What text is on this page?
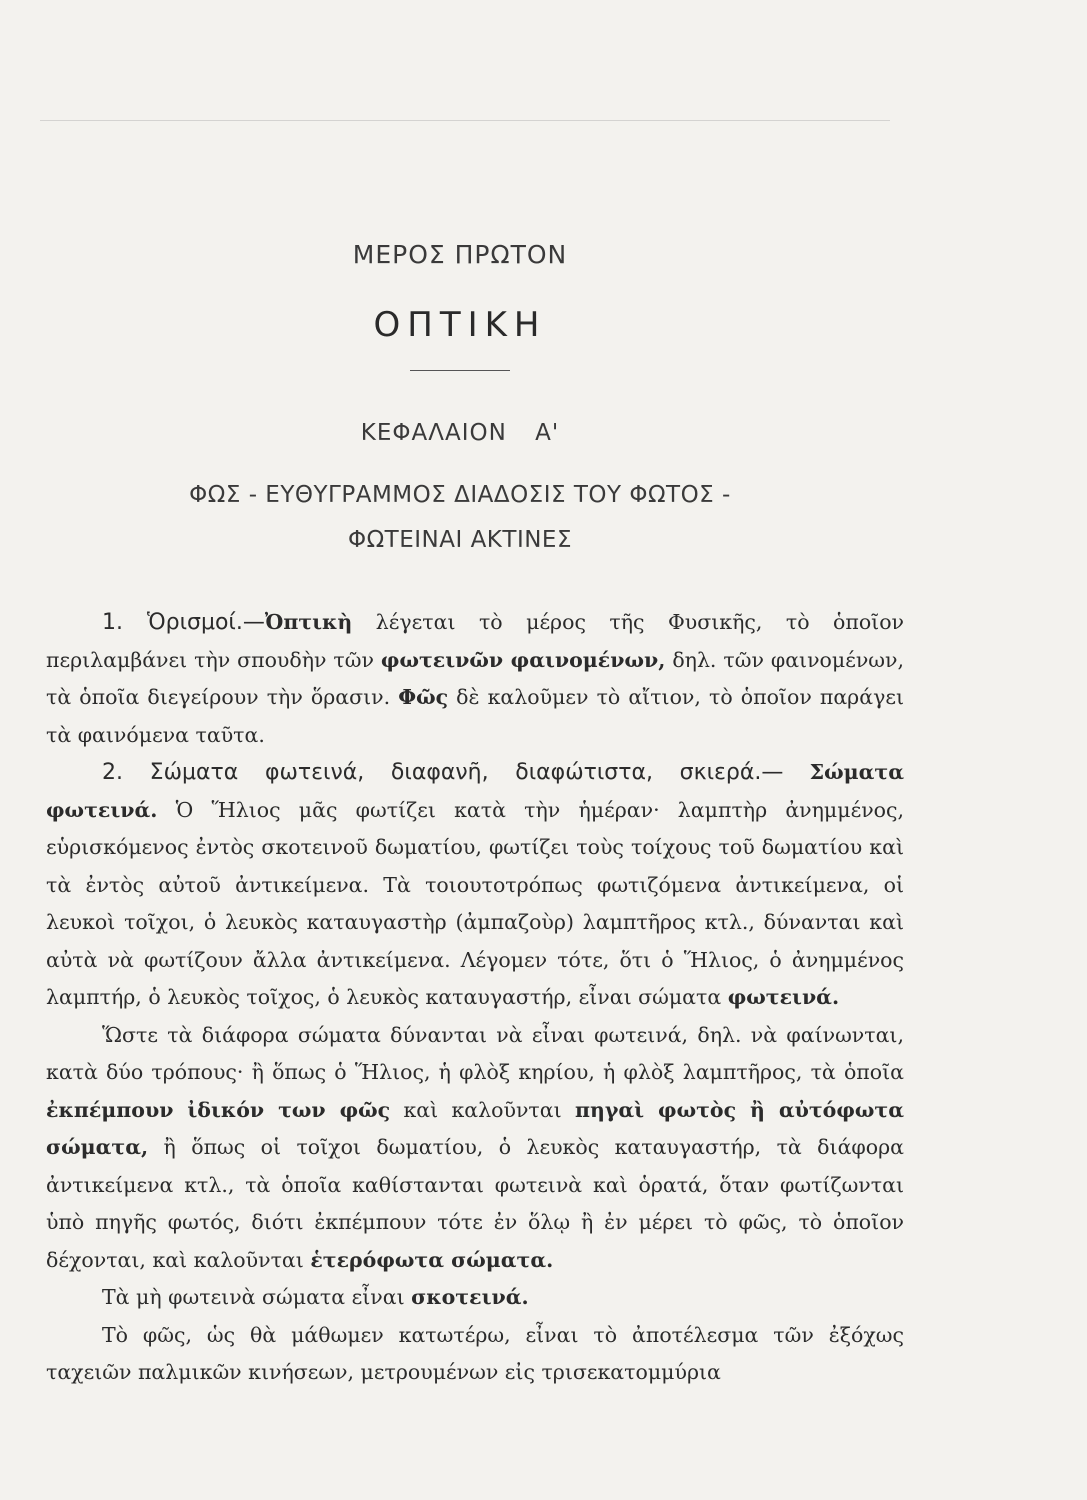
ΜΕΡΟΣ ΠΡΩΤΟΝ
ΟΠΤΙΚΗ
ΚΕΦΑΛΑΙΟΝ Α'
ΦΩΣ - ΕΥΘΥΓΡΑΜΜΟΣ ΔΙΑΔΟΣΙΣ ΤΟΥ ΦΩΤΟΣ -
ΦΩΤΕΙΝΑΙ ΑΚΤΙΝΕΣ

1. Ὁρισμοί.—Ὀπτικὴ λέγεται τὸ μέρος τῆς Φυσικῆς, τὸ ὁποῖον περιλαμβάνει τὴν σπουδὴν τῶν φωτεινῶν φαινομένων, δηλ. τῶν φαινομένων, τὰ ὁποῖα διεγείρουν τὴν ὅρασιν. Φῶς δὲ καλοῦμεν τὸ αἴτιον, τὸ ὁποῖον παράγει τὰ φαινόμενα ταῦτα.

2. Σώματα φωτεινά, διαφανῆ, διαφώτιστα, σκιερά.— Σώματα φωτεινά. Ὁ Ἥλιος μᾶς φωτίζει κατὰ τὴν ἡμέραν· λαμπτὴρ ἀνημμένος, εὑρισκόμενος ἐντὸς σκοτεινοῦ δωματίου, φωτίζει τοὺς τοίχους τοῦ δωματίου καὶ τὰ ἐντὸς αὐτοῦ ἀντικείμενα. Τὰ τοιουτοτρόπως φωτιζόμενα ἀντικείμενα, οἱ λευκοὶ τοῖχοι, ὁ λευκὸς καταυγαστὴρ (ἀμπαζοὺρ) λαμπτῆρος κτλ., δύνανται καὶ αὐτὰ νὰ φωτίζουν ἄλλα ἀντικείμενα. Λέγομεν τότε, ὅτι ὁ Ἥλιος, ὁ ἀνημμένος λαμπτήρ, ὁ λευκὸς τοῖχος, ὁ λευκὸς καταυγαστήρ, εἶναι σώματα φωτεινά.

Ὥστε τὰ διάφορα σώματα δύνανται νὰ εἶναι φωτεινά, δηλ. νὰ φαίνωνται, κατὰ δύο τρόπους· ἢ ὅπως ὁ Ἥλιος, ἡ φλὸξ κηρίου, ἡ φλὸξ λαμπτῆρος, τὰ ὁποῖα ἐκπέμπουν ἰδικόν των φῶς καὶ καλοῦνται πηγαὶ φωτὸς ἢ αὐτόφωτα σώματα, ἢ ὅπως οἱ τοῖχοι δωματίου, ὁ λευκὸς καταυγαστήρ, τὰ διάφορα ἀντικείμενα κτλ., τὰ ὁποῖα καθίστανται φωτεινὰ καὶ ὁρατά, ὅταν φωτίζωνται ὑπὸ πηγῆς φωτός, διότι ἐκπέμπουν τότε ἐν ὅλῳ ἢ ἐν μέρει τὸ φῶς, τὸ ὁποῖον δέχονται, καὶ καλοῦνται ἑτερόφωτα σώματα.

Τὰ μὴ φωτεινὰ σώματα εἶναι σκοτεινά.

Τὸ φῶς, ὡς θὰ μάθωμεν κατωτέρω, εἶναι τὸ ἀποτέλεσμα τῶν ἐξόχως ταχειῶν παλμικῶν κινήσεων, μετρουμένων εἰς τρισεκατομμύρια
